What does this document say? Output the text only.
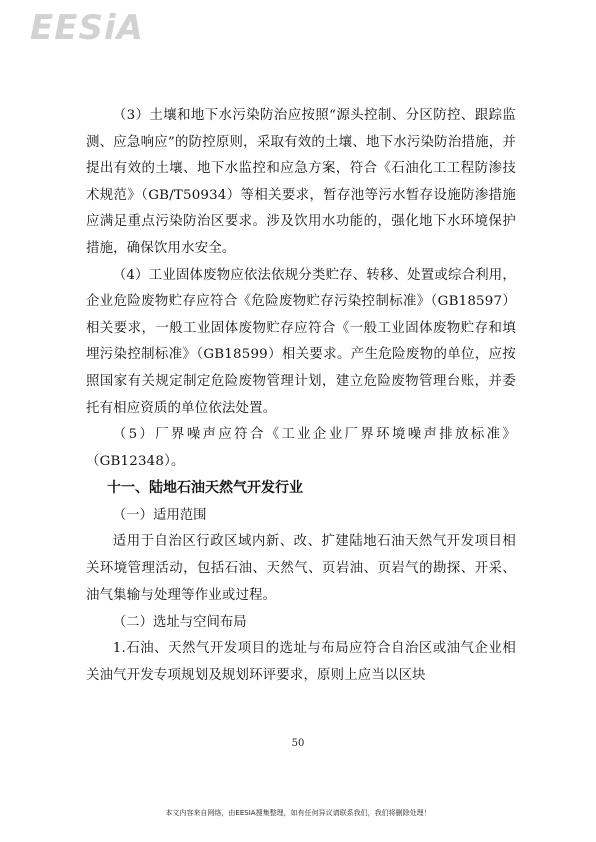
EESiA

（3）土壤和地下水污染防治应按照“源头控制、分区防控、跟踪监测、应急响应”的防控原则，采取有效的土壤、地下水污染防治措施，并提出有效的土壤、地下水监控和应急方案，符合《石油化工工程防渗技术规范》（GB/T50934）等相关要求，暂存池等污水暂存设施防渗措施应满足重点污染防治区要求。涉及饮用水功能的，强化地下水环境保护措施，确保饮用水安全。

（4）工业固体废物应依法依规分类贮存、转移、处置或综合利用，企业危险废物贮存应符合《危险废物贮存污染控制标准》（GB18597）相关要求，一般工业固体废物贮存应符合《一般工业固体废物贮存和填埋污染控制标准》（GB18599）相关要求。产生危险废物的单位，应按照国家有关规定制定危险废物管理计划，建立危险废物管理台账，并委托有相应资质的单位依法处置。

（5）厂界噪声应符合《工业企业厂界环境噪声排放标准》（GB12348）。

十一、陆地石油天然气开发行业

（一）适用范围

适用于自治区行政区域内新、改、扩建陆地石油天然气开发项目相关环境管理活动，包括石油、天然气、页岩油、页岩气的勘探、开采、油气集输与处理等作业或过程。

（二）选址与空间布局

1.石油、天然气开发项目的选址与布局应符合自治区或油气企业相关油气开发专项规划及规划环评要求，原则上应当以区块

50
本文内容来自网络，由EESIA搜集整理，如有任何异议请联系我们，我们将删除处理！
